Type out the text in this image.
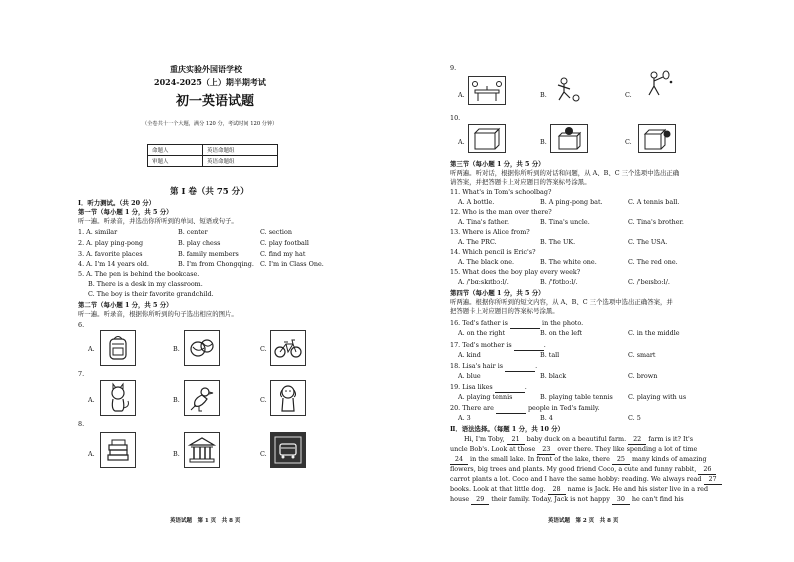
重庆实验外国语学校
2024-2025（上）期半期考试
初一英语试题
（全卷共十一个大题，满分 120 分，考试时间 120 分钟）
命题人	英语命题组
审题人	英语命题组
第 I 卷（共 75 分）
Ⅰ．听力测试。（共 20 分）
第一节（每小题 1 分，共 5 分）
听一遍。听录音，并选出你所听到的单词、短语或句子。
1. A. similar	B. center	C. section
2. A. play ping-pong	B. play chess	C. play football
3. A. favorite places	B. family members	C. find my hat
4. A. I'm 14 years old.	B. I'm from Chongqing. C. I'm in Class One.
5. A. The pen is behind the bookcase.
B. There is a desk in my classroom.
C. The boy is their favorite grandchild.
第二节（每小题 1 分，共 5 分）
听一遍。听录音，根据你所听到的句子选出相应的图片。
6.
A.	B.	C.
7.
A.	B.	C.
8.
A.	B.	C.
英语试题　第 1 页　共 8 页
9.
A.	B.	C.
10.
A.	B.	C.
第三节（每小题 1 分，共 5 分）
听两遍。听对话，根据你所听到的对话和问题，从 A、B、C 三个选项中选出正确
请答案，并把答题卡上对应题目的答案标号涂黑。
11. What's in Tom's schoolbag?
A. A bottle.	B. A ping-pong bat.	C. A tennis ball.
12. Who is the man over there?
A. Tina's father.	B. Tina's uncle.	C. Tina's brother.
13. Where is Alice from?
A. The PRC.	B. The UK.	C. The USA.
14. Which pencil is Eric's?
A. The black one.	B. The white one.	C. The red one.
15. What does the boy play every week?
A. /'bɑ:skɪtbɔ:l/.	B. /'fʊtbɔ:l/.	C. /'beɪsbɔ:l/.
第四节（每小题 1 分，共 5 分）
听两遍。根据你所听到的短文内容，从 A、B、C 三个选项中选出正确答案，并
把答题卡上对应题目的答案标号涂黑。
16. Ted's father is	in the photo.
A. on the right	B. on the left	C. in the middle
17. Ted's mother is	.
A. kind	B. tall	C. smart
18. Lisa's hair is	.
A. blue	B. black	C. brown
19. Lisa likes	.
A. playing tennis	B. playing table tennis C. playing with us
20. There are	people in Ted's family.
A. 3	B. 4	C. 5
Ⅱ．语法选择。（每题 1 分，共 10 分）
Hi, I'm Toby, 21 baby duck on a beautiful farm. 22 farm is it? It's
uncle Bob's. Look at those 23 over there. They like spending a lot of time
24 in the small lake. In front of the lake, there 25 many kinds of amazing
flowers, big trees and plants. My good friend Coco, a cute and funny rabbit, 26
carrot plants a lot. Coco and I have the same hobby: reading. We always read 27
books. Look at that little dog. 28 name is Jack. He and his sister live in a red
house 29 their family. Today, Jack is not happy 30 he can't find his
英语试题　第 2 页　共 8 页
